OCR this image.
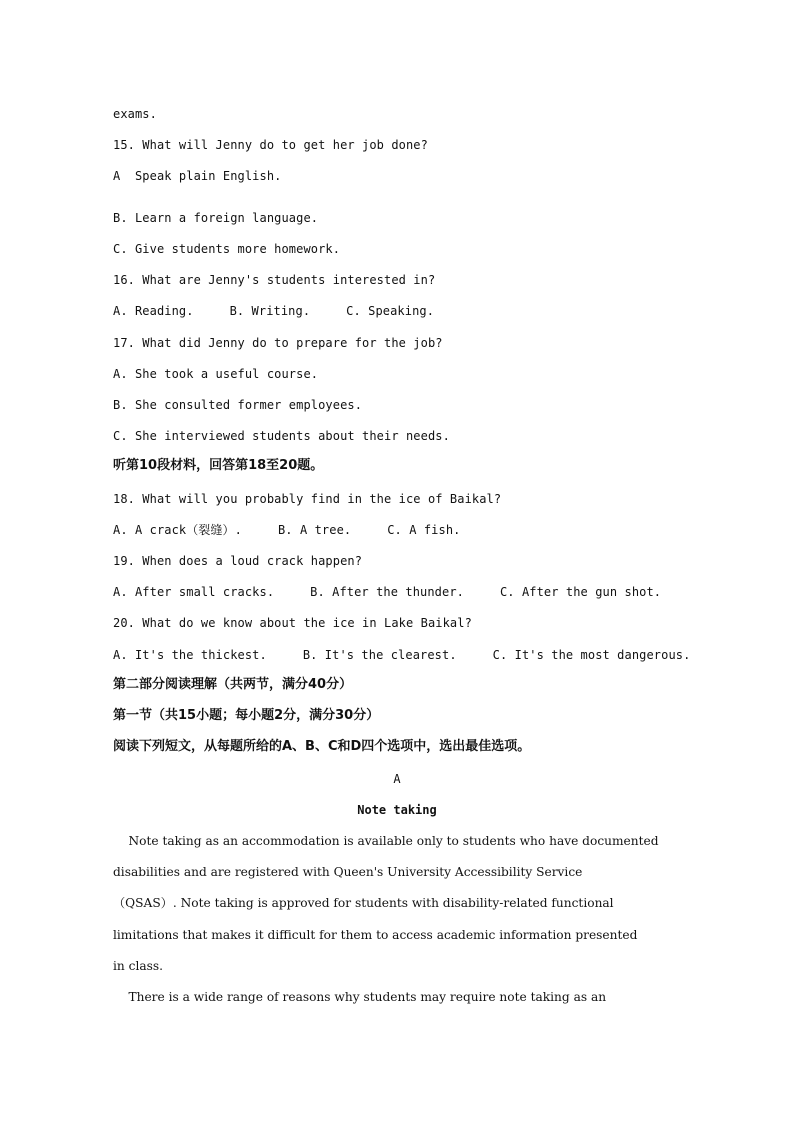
exams.

15. What will Jenny do to get her job done?

A  Speak plain English.

B. Learn a foreign language.

C. Give students more homework.

16. What are Jenny's students interested in?

A. Reading.	B. Writing.	C. Speaking.

17. What did Jenny do to prepare for the job?

A. She took a useful course.

B. She consulted former employees.

C. She interviewed students about their needs.

听第10段材料，回答第18至20题。

18. What will you probably find in the ice of Baikal?

A. A crack（裂缝）.	B. A tree.	C. A fish.

19. When does a loud crack happen?

A. After small cracks.	B. After the thunder.	C. After the gun shot.

20. What do we know about the ice in Lake Baikal?

A. It's the thickest.	B. It's the clearest.	C. It's the most dangerous.

第二部分阅读理解（共两节，满分40分）

第一节（共15小题；每小题2分，满分30分）

阅读下列短文，从每题所给的A、B、C和D四个选项中，选出最佳选项。

A

Note taking

Note taking as an accommodation is available only to students who have documented

disabilities and are registered with Queen's University Accessibility Service

（QSAS）. Note taking is approved for students with disability-related functional

limitations that makes it difficult for them to access academic information presented

in class.

There is a wide range of reasons why students may require note taking as an
